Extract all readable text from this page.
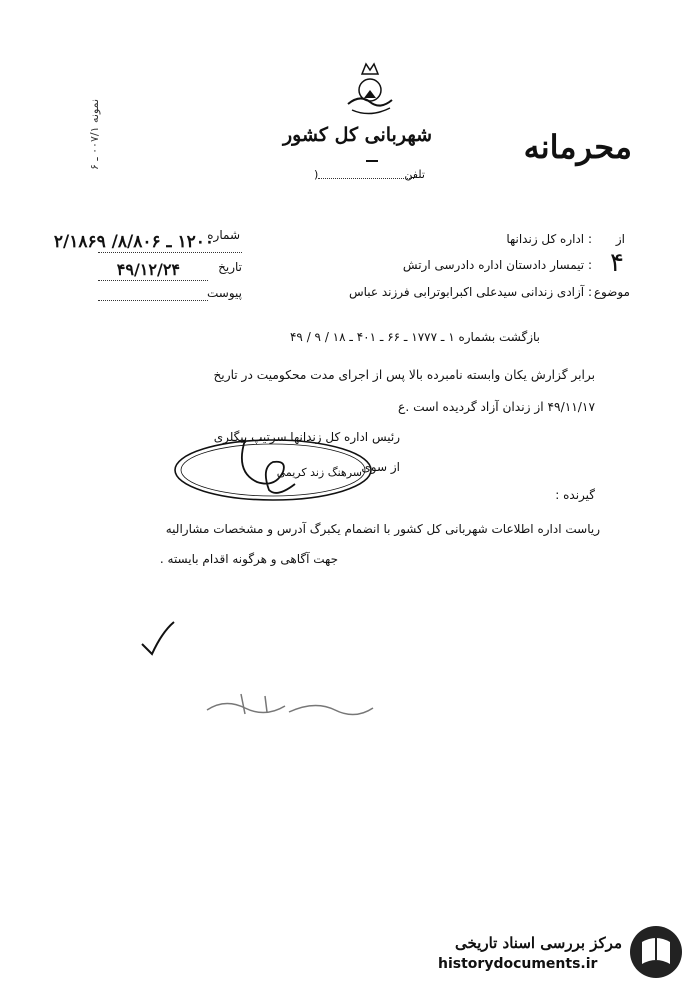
نمونه ۰۰۷/۱ ـ ۶
شهربانی کل کشور
تلفن
)
محرمانه
شماره
۱۲۰۰ ـ ۸/۸۰۶/ ۲/۱۸۶۹
تاریخ
۴۹/۱۲/۲۴
پیوست
از
: اداره کل زندانها
۴
: تیمسار دادستان اداره دادرسی ارتش
موضوع
: آزادی زندانی سیدعلی اکبرابوترابی فرزند عباس
بازگشت بشماره ۱ ـ ۱۷۷۷ ـ ۶۶ ـ ۴۰۱ ـ ۱۸ / ۹ / ۴۹
برابر گزارش یکان وابسته نامبرده بالا پس از اجرای مدت محکومیت در تاریخ
۴۹/۱۱/۱۷ از زندان آزاد گردیده است .ع
رئیس اداره کل زندانها سرتیپ بیگلری
از سوی
سرهنگ زند کریمی
گیرنده :
ریاست اداره اطلاعات شهربانی کل کشور با انضمام یکبرگ آدرس و مشخصات مشارالیه
جهت آگاهی و هرگونه اقدام بایسته .
مرکز بررسی اسناد تاریخی
historydocuments.ir
